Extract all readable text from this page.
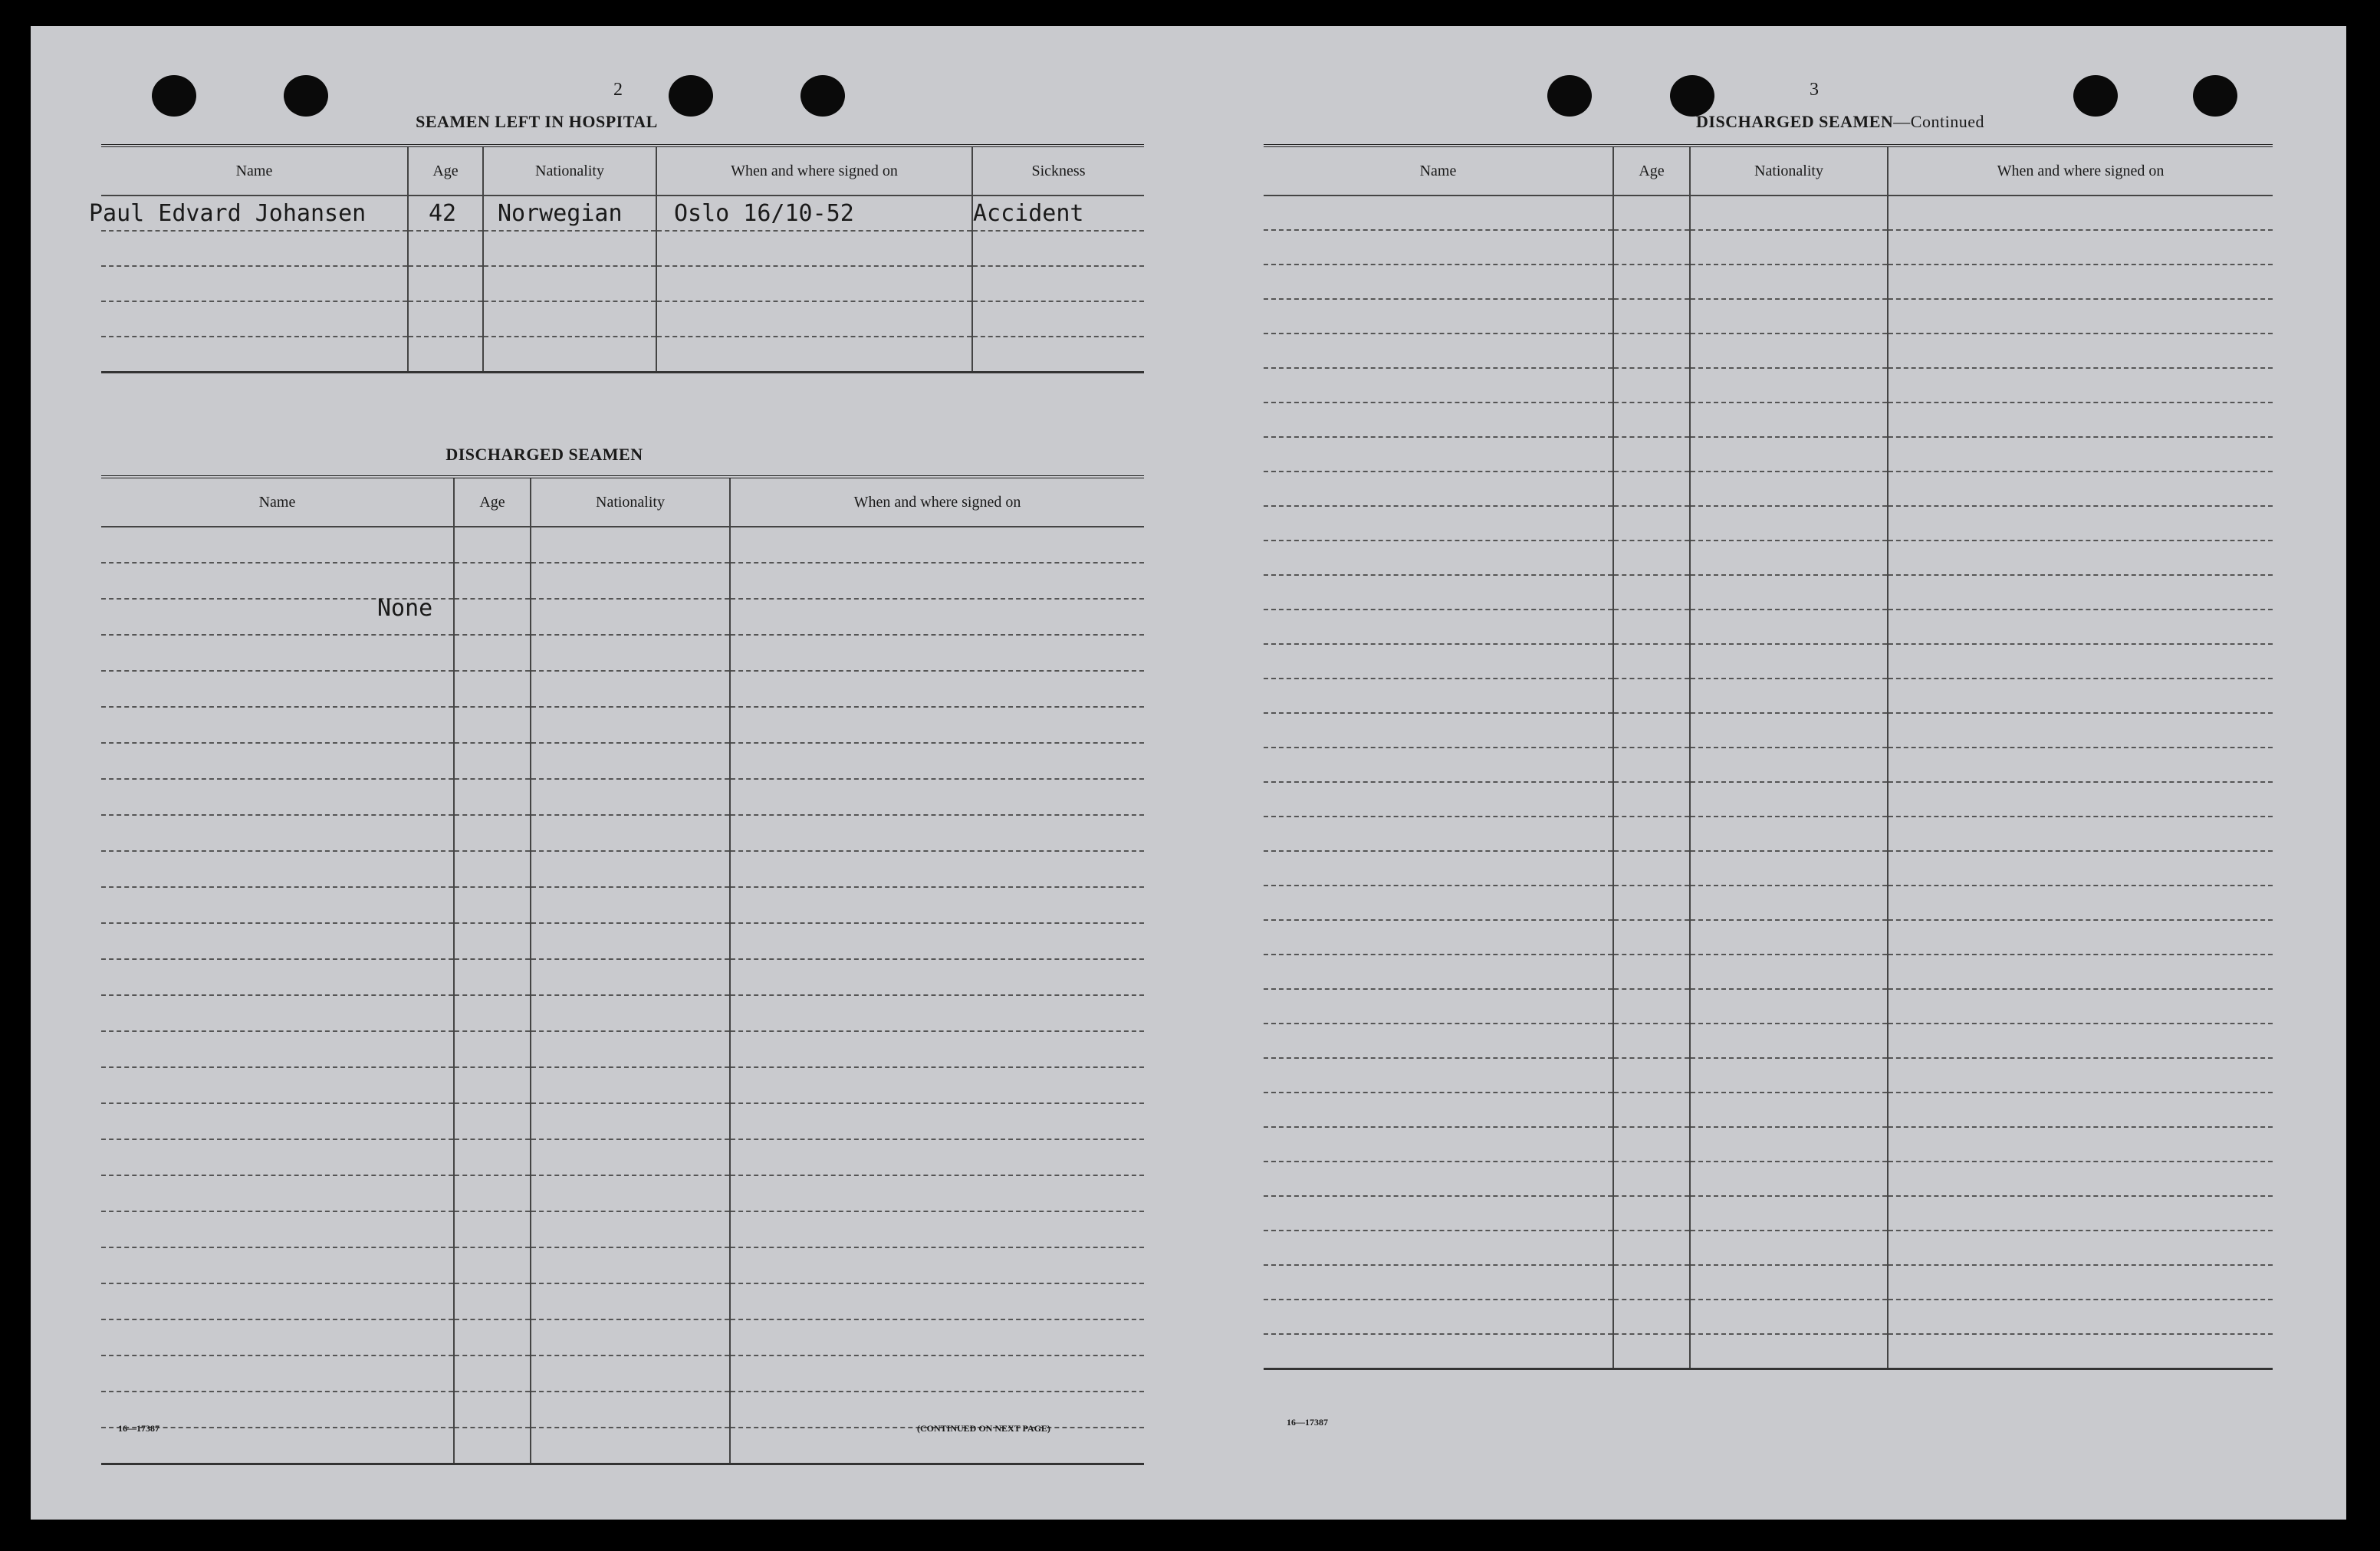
2
SEAMEN LEFT IN HOSPITAL
Name	Age	Nationality	When and where signed on	Sickness
Paul Edvard Johansen	42	Norwegian	Oslo 16/10-52	Accident

DISCHARGED SEAMEN
Name	Age	Nationality	When and where signed on

None
16—17387	(CONTINUED ON NEXT PAGE)
3
DISCHARGED SEAMEN—Continued
Name	Age	Nationality	When and where signed on

16—17387
